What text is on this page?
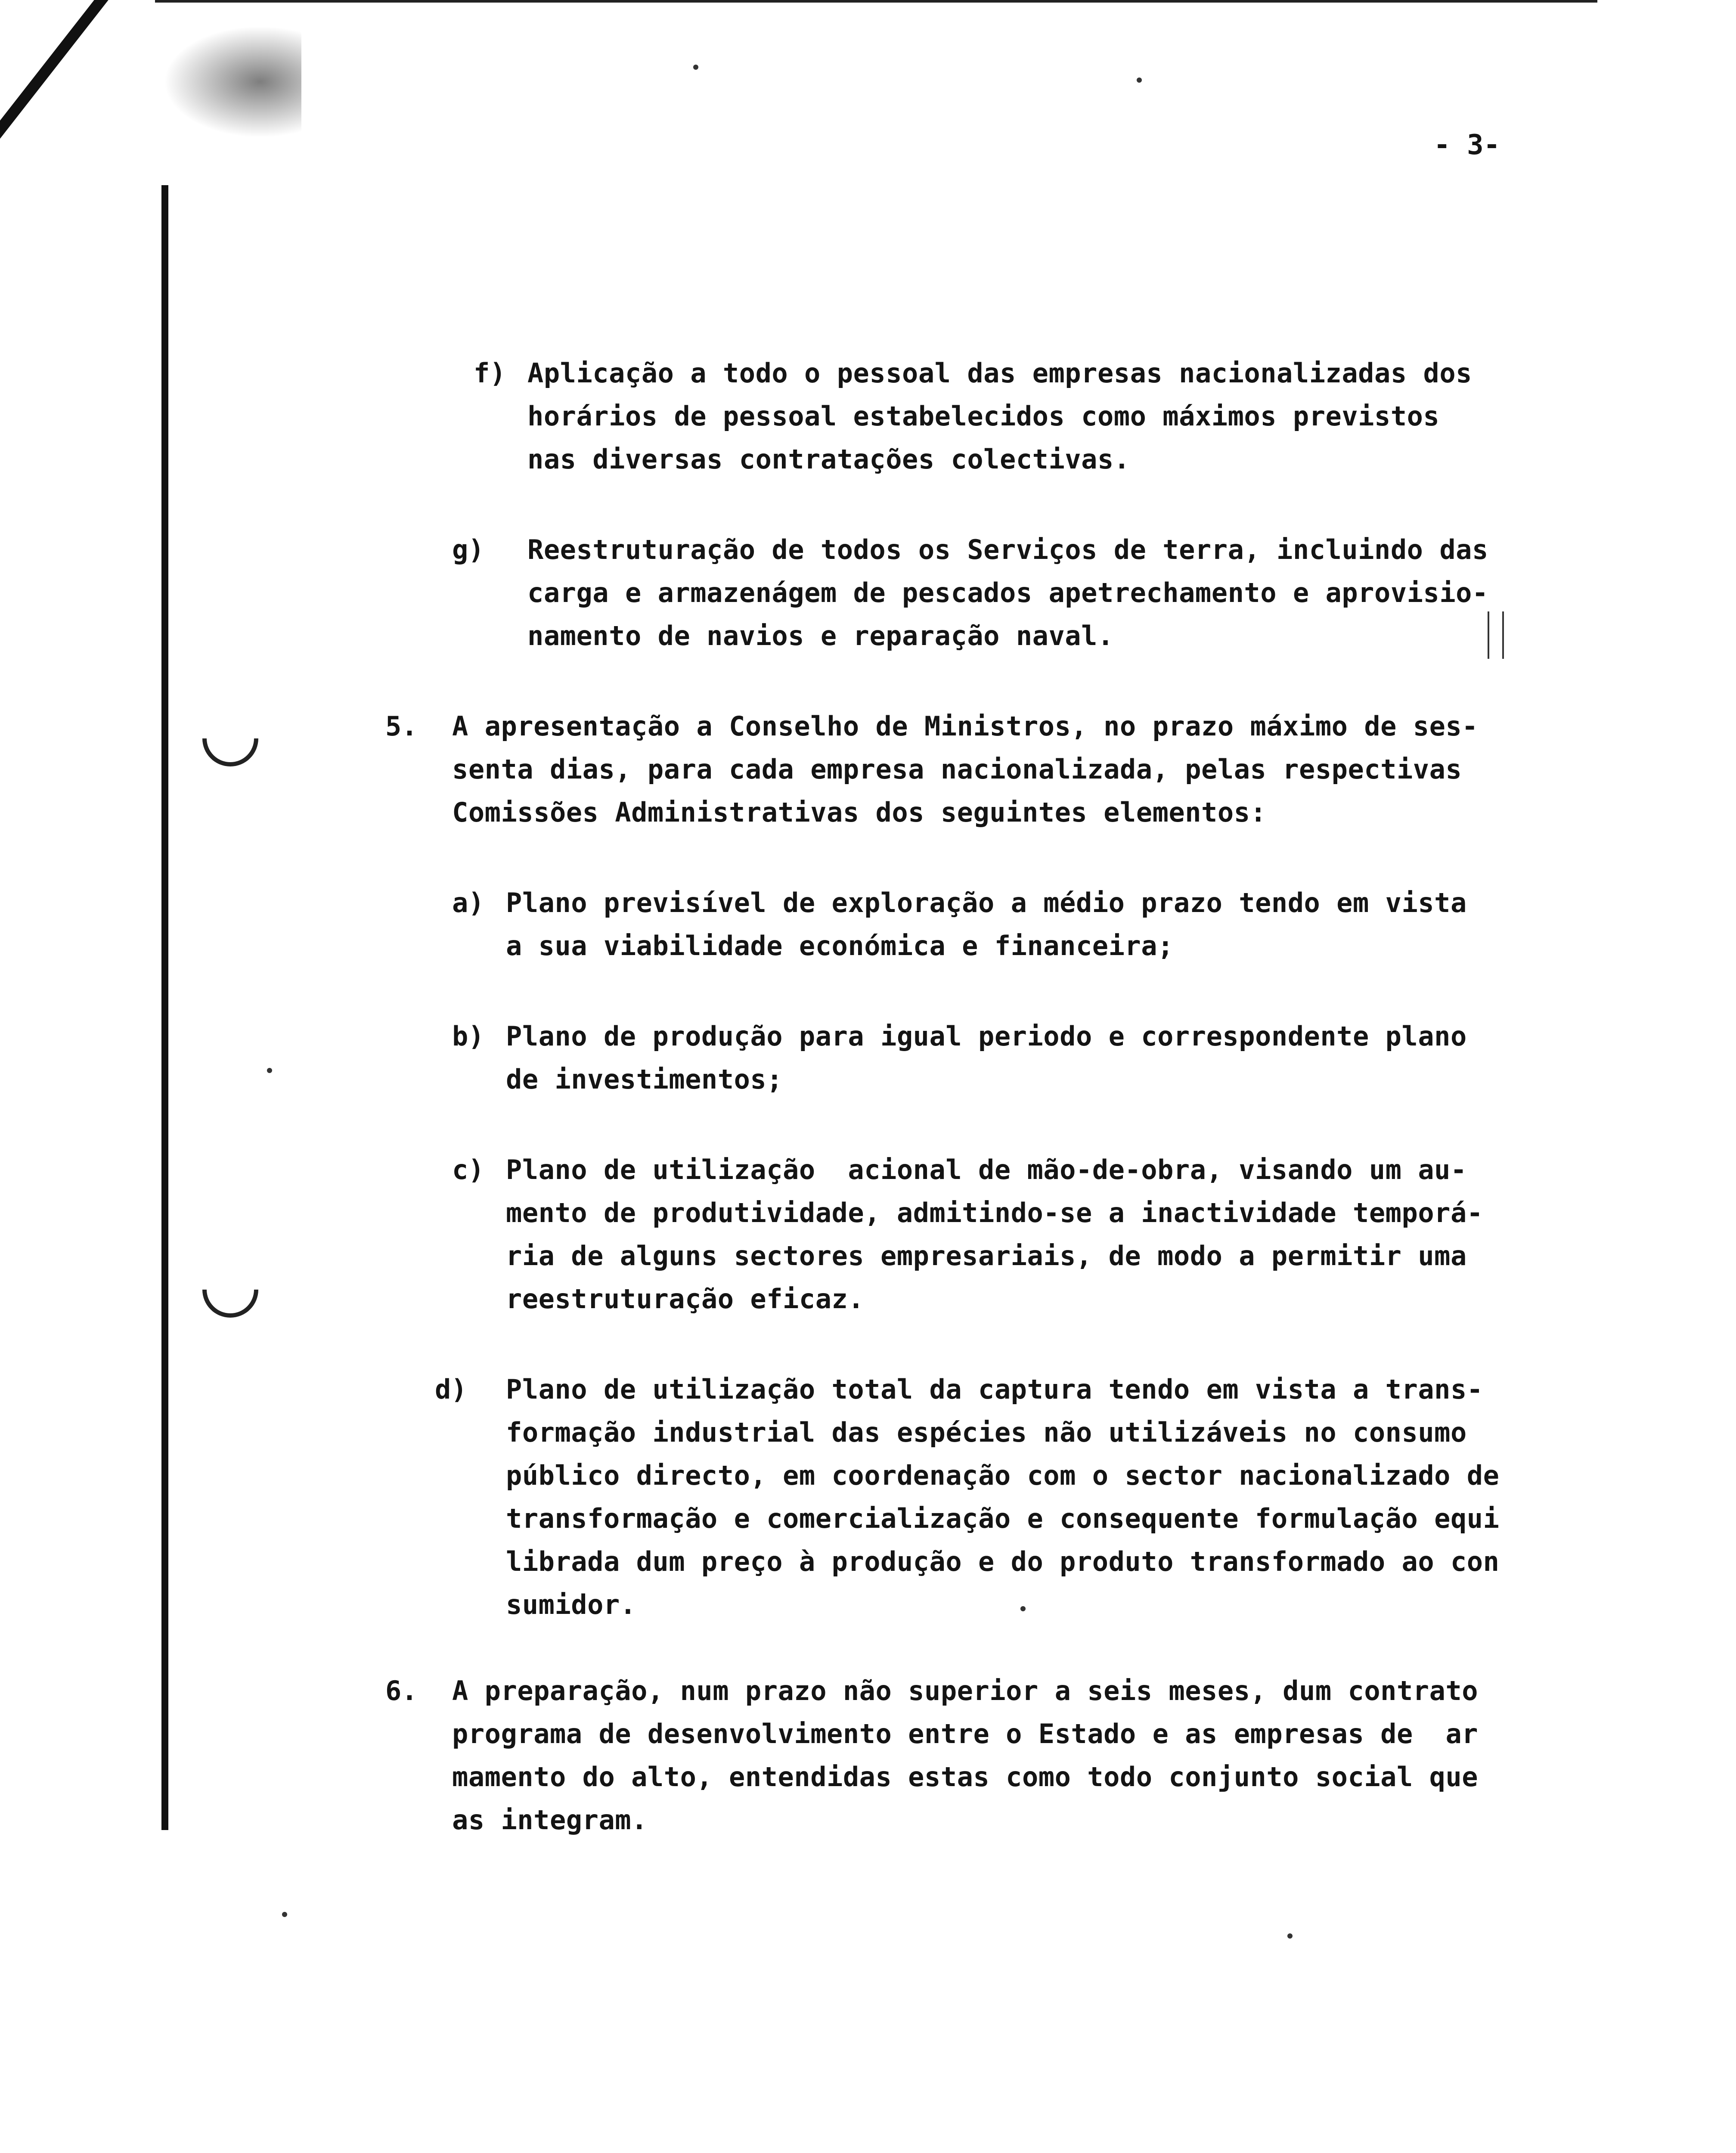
- 3-
f) Aplicação a todo o pessoal das empresas nacionalizadas dos
horários de pessoal estabelecidos como máximos previstos
nas diversas contratações colectivas.
g) Reestruturação de todos os Serviços de terra, incluindo das
carga e armazenágem de pescados apetrechamento e aprovisio-
namento de navios e reparação naval.
5. A apresentação a Conselho de Ministros, no prazo máximo de ses-
senta dias, para cada empresa nacionalizada, pelas respectivas
Comissões Administrativas dos seguintes elementos:
a) Plano previsível de exploração a médio prazo tendo em vista
a sua viabilidade económica e financeira;
b) Plano de produção para igual periodo e correspondente plano
de investimentos;
c) Plano de utilização  acional de mão-de-obra, visando um au-
mento de produtividade, admitindo-se a inactividade temporá-
ria de alguns sectores empresariais, de modo a permitir uma
reestruturação eficaz.
d) Plano de utilização total da captura tendo em vista a trans-
formação industrial das espécies não utilizáveis no consumo
público directo, em coordenação com o sector nacionalizado de
transformação e comercialização e consequente formulação equi
librada dum preço à produção e do produto transformado ao con
sumidor.
6. A preparação, num prazo não superior a seis meses, dum contrato
programa de desenvolvimento entre o Estado e as empresas de  ar
mamento do alto, entendidas estas como todo conjunto social que
as integram.
